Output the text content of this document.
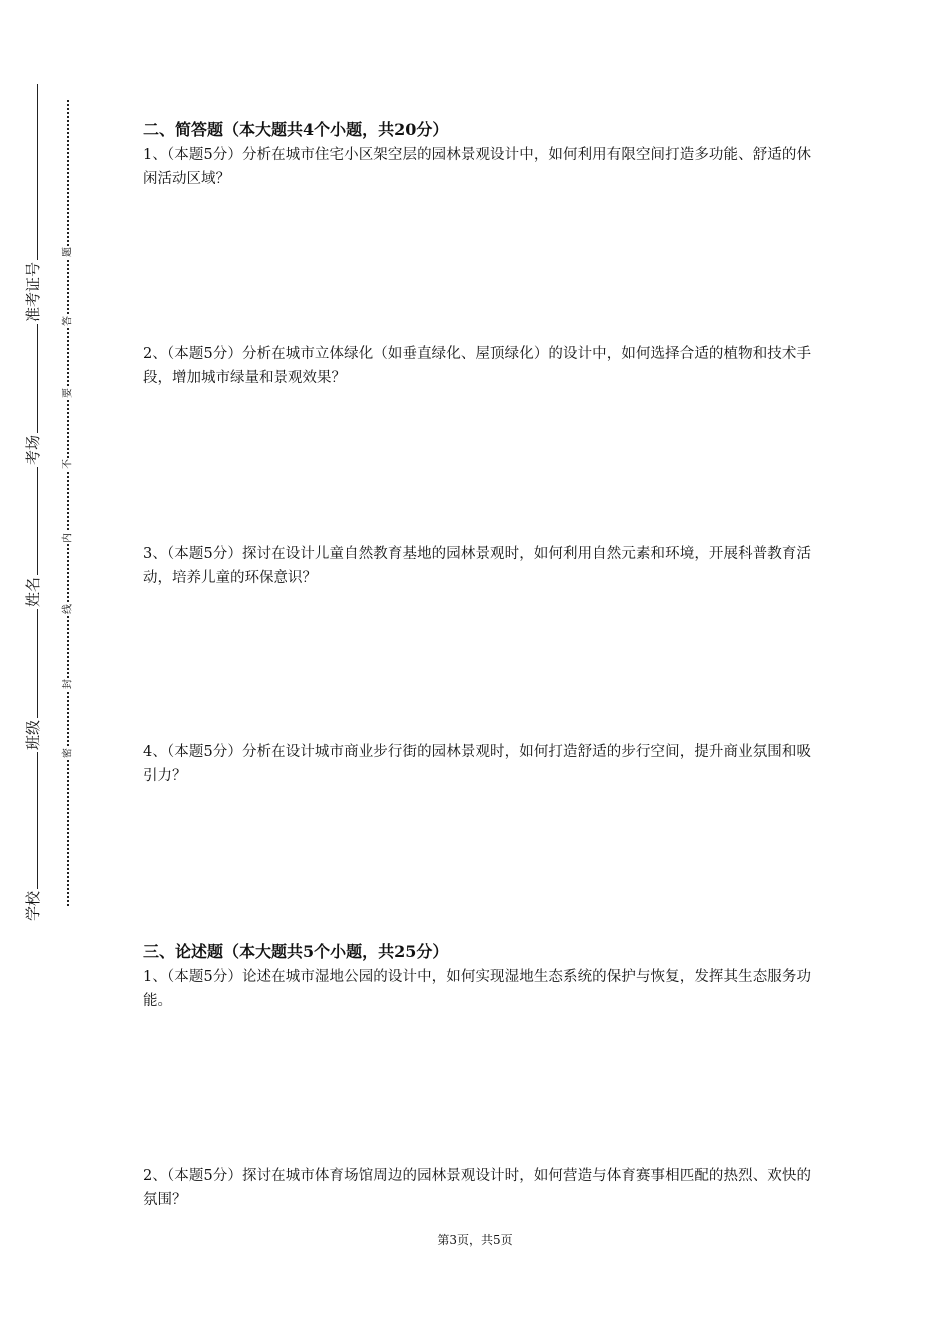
准考证号
考场
姓名
班级
学校
题
答
要
不
内
线
封
密
二、简答题（本大题共4个小题，共20分）
1、（本题5分）分析在城市住宅小区架空层的园林景观设计中，如何利用有限空间打造多功能、舒适的休闲活动区域？
2、（本题5分）分析在城市立体绿化（如垂直绿化、屋顶绿化）的设计中，如何选择合适的植物和技术手段，增加城市绿量和景观效果？
3、（本题5分）探讨在设计儿童自然教育基地的园林景观时，如何利用自然元素和环境，开展科普教育活动，培养儿童的环保意识？
4、（本题5分）分析在设计城市商业步行街的园林景观时，如何打造舒适的步行空间，提升商业氛围和吸引力？
三、论述题（本大题共5个小题，共25分）
1、（本题5分）论述在城市湿地公园的设计中，如何实现湿地生态系统的保护与恢复，发挥其生态服务功能。
2、（本题5分）探讨在城市体育场馆周边的园林景观设计时，如何营造与体育赛事相匹配的热烈、欢快的氛围？
第3页，共5页
